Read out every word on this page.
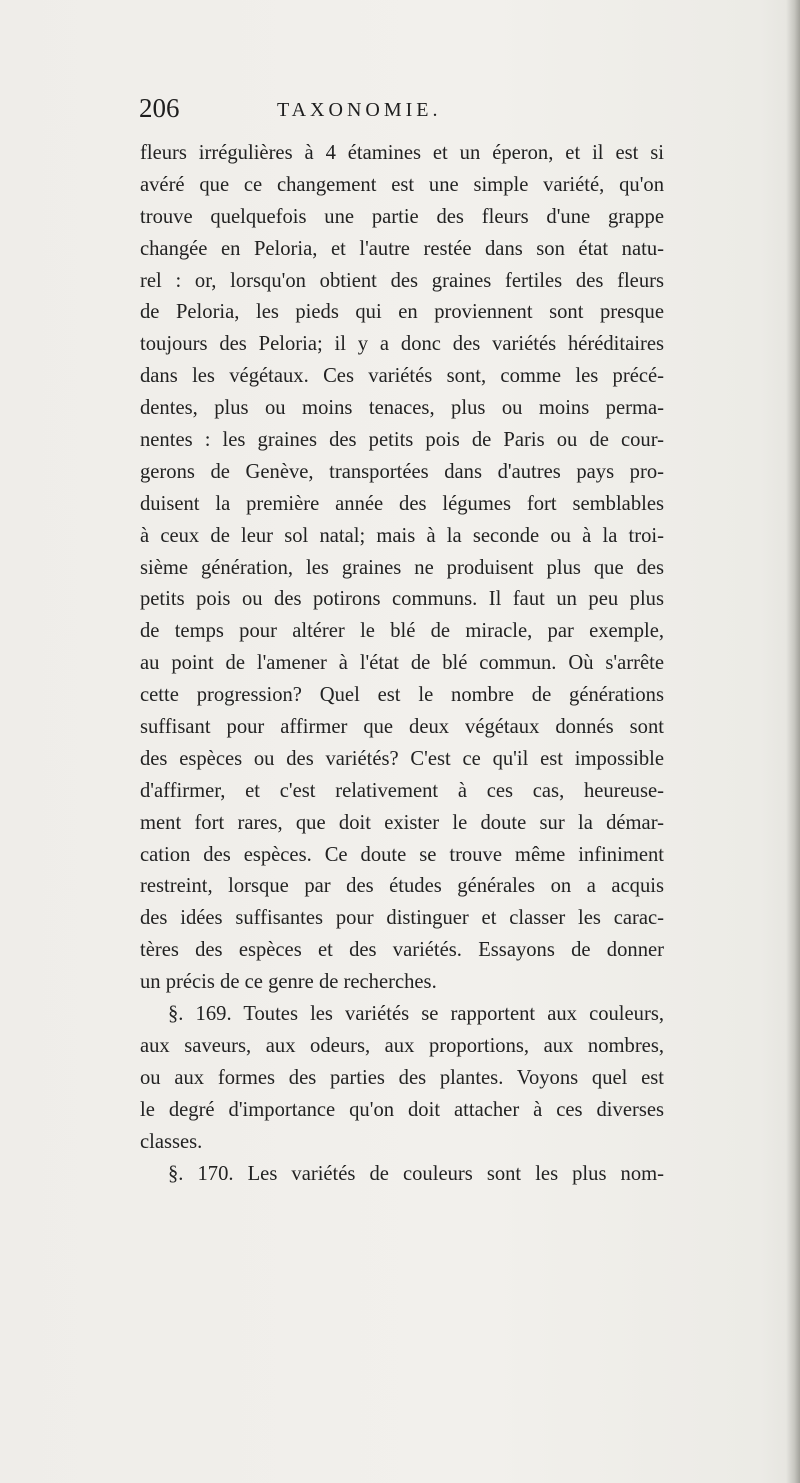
206	TAXONOMIE.
fleurs irrégulières à 4 étamines et un éperon, et il est si
avéré que ce changement est une simple variété, qu'on
trouve quelquefois une partie des fleurs d'une grappe
changée en Peloria, et l'autre restée dans son état natu-
rel : or, lorsqu'on obtient des graines fertiles des fleurs
de Peloria, les pieds qui en proviennent sont presque
toujours des Peloria; il y a donc des variétés héréditaires
dans les végétaux. Ces variétés sont, comme les précé-
dentes, plus ou moins tenaces, plus ou moins perma-
nentes : les graines des petits pois de Paris ou de cour-
gerons de Genève, transportées dans d'autres pays pro-
duisent la première année des légumes fort semblables
à ceux de leur sol natal; mais à la seconde ou à la troi-
sième génération, les graines ne produisent plus que des
petits pois ou des potirons communs. Il faut un peu plus
de temps pour altérer le blé de miracle, par exemple,
au point de l'amener à l'état de blé commun. Où s'arrête
cette progression? Quel est le nombre de générations
suffisant pour affirmer que deux végétaux donnés sont
des espèces ou des variétés? C'est ce qu'il est impossible
d'affirmer, et c'est relativement à ces cas, heureuse-
ment fort rares, que doit exister le doute sur la démar-
cation des espèces. Ce doute se trouve même infiniment
restreint, lorsque par des études générales on a acquis
des idées suffisantes pour distinguer et classer les carac-
tères des espèces et des variétés. Essayons de donner
un précis de ce genre de recherches.
§. 169. Toutes les variétés se rapportent aux couleurs,
aux saveurs, aux odeurs, aux proportions, aux nombres,
ou aux formes des parties des plantes. Voyons quel est
le degré d'importance qu'on doit attacher à ces diverses
classes.
§. 170. Les variétés de couleurs sont les plus nom-
